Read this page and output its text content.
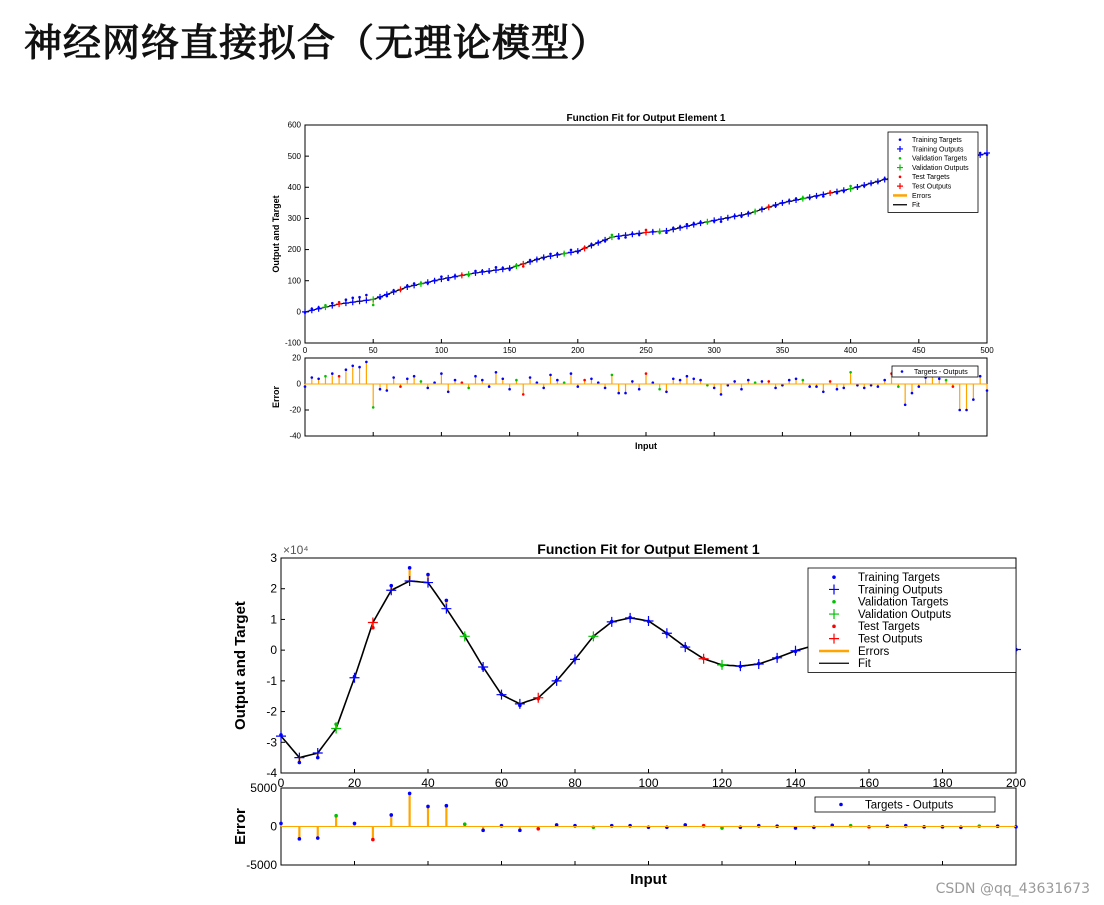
神经网络直接拟合（无理论模型）
Function Fit for Output Element 1
0	50	100	150	200	250	300	350	400	450	500
-100
0
100
200
300
400
500
600
-40
-20
0
20
Output and Target
Error
Input
Training Targets
Training Outputs
Validation Targets
Validation Outputs
Test Targets
Test Outputs
Errors
Fit
Targets - Outputs
Function Fit for Output Element 1
0	20	40	60	80	100	120	140	160	180	200
-4
-3
-2
-1
0
1
2
3
-5000
0
5000
×10⁴
Output and Target
Error
Input
Training Targets
Training Outputs
Validation Targets
Validation Outputs
Test Targets
Test Outputs
Errors
Fit
Targets - Outputs
CSDN @qq_43631673
